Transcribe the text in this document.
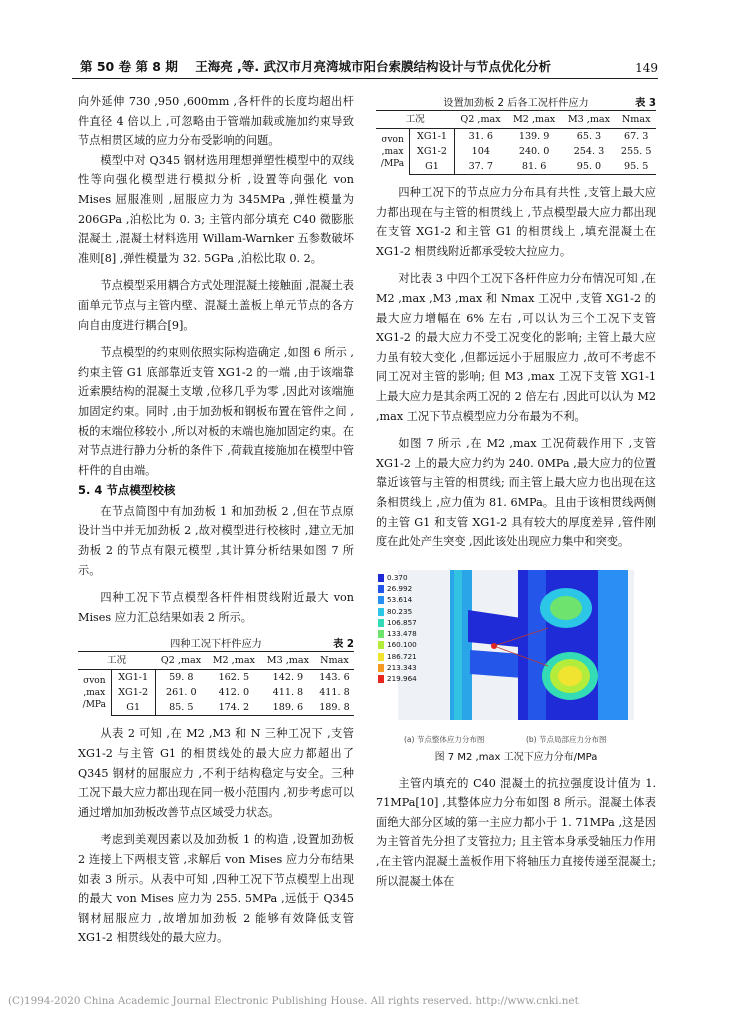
第 50 卷 第 8 期 王海亮 ,等. 武汉市月亮湾城市阳台索膜结构设计与节点优化分析	149

向外延伸 730 ,950 ,600mm ,各杆件的长度均超出杆件直径 4 倍以上 ,可忽略由于管端加载或施加约束导致节点相贯区域的应力分布受影响的问题。

模型中对 Q345 钢材选用理想弹塑性模型中的双线性等向强化模型进行模拟分析 ,设置等向强化 von Mises 屈服准则 ,屈服应力为 345MPa ,弹性模量为 206GPa ,泊松比为 0. 3; 主管内部分填充 C40 微膨胀混凝土 ,混凝土材料选用 Willam-Warnker 五参数破坏准则[8] ,弹性模量为 32. 5GPa ,泊松比取 0. 2。

节点模型采用耦合方式处理混凝土接触面 ,混凝土表面单元节点与主管内壁、混凝土盖板上单元节点的各方向自由度进行耦合[9]。

节点模型的约束则依照实际构造确定 ,如图 6 所示 ,约束主管 G1 底部靠近支管 XG1-2 的一端 ,由于该端靠近索膜结构的混凝土支墩 ,位移几乎为零 ,因此对该端施加固定约束。同时 ,由于加劲板和钢板布置在管件之间 ,板的末端位移较小 ,所以对板的末端也施加固定约束。在对节点进行静力分析的条件下 ,荷载直接施加在模型中管杆件的自由端。

5. 4 节点模型校核

在节点简图中有加劲板 1 和加劲板 2 ,但在节点原设计当中并无加劲板 2 ,故对模型进行校核时 ,建立无加劲板 2 的节点有限元模型 ,其计算分析结果如图 7 所示。

四种工况下节点模型各杆件相贯线附近最大 von Mises 应力汇总结果如表 2 所示。

四种工况下杆件应力	表 2
工况		Q2 ,max	M2 ,max	M3 ,max	Nmax
σvon ,max
/MPa	XG1-1	59. 8	162. 5	142. 9	143. 6
	XG1-2	261. 0	412. 0	411. 8	411. 8
	G1	85. 5	174. 2	189. 6	189. 8

从表 2 可知 ,在 M2 ,M3 和 N 三种工况下 ,支管 XG1-2 与主管 G1 的相贯线处的最大应力都超出了 Q345 钢材的屈服应力 ,不利于结构稳定与安全。三种工况下最大应力都出现在同一极小范围内 ,初步考虑可以通过增加加劲板改善节点区域受力状态。

考虑到美观因素以及加劲板 1 的构造 ,设置加劲板 2 连接上下两根支管 ,求解后 von Mises 应力分布结果如表 3 所示。从表中可知 ,四种工况下节点模型上出现的最大 von Mises 应力为 255. 5MPa ,远低于 Q345 钢材屈服应力 ,故增加加劲板 2 能够有效降低支管 XG1-2 相贯线处的最大应力。

设置加劲板 2 后各工况杆件应力	表 3
工况		Q2 ,max	M2 ,max	M3 ,max	Nmax
σvon ,max
/MPa	XG1-1	31. 6	139. 9	65. 3	67. 3
	XG1-2	104	240. 0	254. 3	255. 5
	G1	37. 7	81. 6	95. 0	95. 5

四种工况下的节点应力分布具有共性 ,支管上最大应力都出现在与主管的相贯线上 ,节点模型最大应力都出现在支管 XG1-2 和主管 G1 的相贯线上 ,填充混凝土在 XG1-2 相贯线附近都承受较大拉应力。

对比表 3 中四个工况下各杆件应力分布情况可知 ,在 M2 ,max ,M3 ,max 和 Nmax 工况中 ,支管 XG1-2 的最大应力增幅在 6% 左右 ,可以认为三个工况下支管 XG1-2 的最大应力不受工况变化的影响; 主管上最大应力虽有较大变化 ,但都远远小于屈服应力 ,故可不考虑不同工况对主管的影响; 但 M3 ,max 工况下支管 XG1-1 上最大应力是其余两工况的 2 倍左右 ,因此可以认为 M2 ,max 工况下节点模型应力分布最为不利。

如图 7 所示 ,在 M2 ,max 工况荷载作用下 ,支管 XG1-2 上的最大应力约为 240. 0MPa ,最大应力的位置靠近该管与主管的相贯线; 而主管上最大应力也出现在这条相贯线上 ,应力值为 81. 6MPa。且由于该相贯线两侧的主管 G1 和支管 XG1-2 具有较大的厚度差异 ,管件刚度在此处产生突变 ,因此该处出现应力集中和突变。

0.370
26.992
53.614
80.235
106.857
133.478
160.100
186.721
213.343
219.964
(a) 节点整体应力分布图	(b) 节点局部应力分布图
图 7 M2 ,max 工况下应力分布/MPa

主管内填充的 C40 混凝土的抗拉强度设计值为 1. 71MPa[10] ,其整体应力分布如图 8 所示。混凝土体表面绝大部分区域的第一主应力都小于 1. 71MPa ,这是因为主管首先分担了支管拉力; 且主管本身承受轴压力作用 ,在主管内混凝土盖板作用下将轴压力直接传递至混凝土; 所以混凝土体在

(C)1994-2020 China Academic Journal Electronic Publishing House. All rights reserved. http://www.cnki.net
